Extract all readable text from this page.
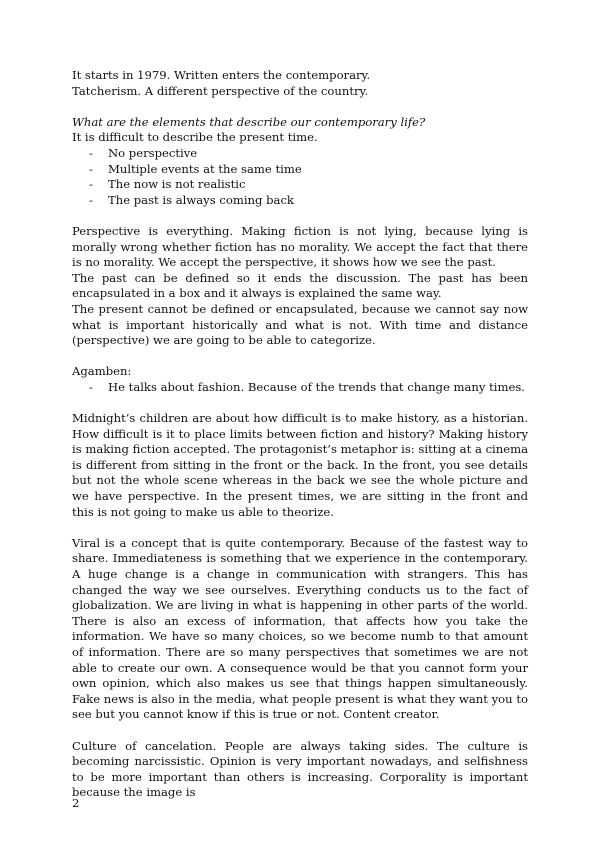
It starts in 1979. Written enters the contemporary.

Tatcherism. A different perspective of the country.

What are the elements that describe our contemporary life?

It is difficult to describe the present time.

- No perspective
- Multiple events at the same time
- The now is not realistic
- The past is always coming back

Perspective is everything. Making fiction is not lying, because lying is morally wrong whether fiction has no morality. We accept the fact that there is no morality. We accept the perspective, it shows how we see the past.

The past can be defined so it ends the discussion. The past has been encapsulated in a box and it always is explained the same way.

The present cannot be defined or encapsulated, because we cannot say now what is important historically and what is not. With time and distance (perspective) we are going to be able to categorize.

Agamben:

- He talks about fashion. Because of the trends that change many times.

Midnight’s children are about how difficult is to make history, as a historian. How difficult is it to place limits between fiction and history? Making history is making fiction accepted. The protagonist’s metaphor is: sitting at a cinema is different from sitting in the front or the back. In the front, you see details but not the whole scene whereas in the back we see the whole picture and we have perspective. In the present times, we are sitting in the front and this is not going to make us able to theorize.

Viral is a concept that is quite contemporary. Because of the fastest way to share. Immediateness is something that we experience in the contemporary. A huge change is a change in communication with strangers. This has changed the way we see ourselves. Everything conducts us to the fact of globalization. We are living in what is happening in other parts of the world. There is also an excess of information, that affects how you take the information. We have so many choices, so we become numb to that amount of information. There are so many perspectives that sometimes we are not able to create our own. A consequence would be that you cannot form your own opinion, which also makes us see that things happen simultaneously. Fake news is also in the media, what people present is what they want you to see but you cannot know if this is true or not. Content creator.

Culture of cancelation. People are always taking sides. The culture is becoming narcissistic. Opinion is very important nowadays, and selfishness to be more important than others is increasing. Corporality is important because the image is

2
